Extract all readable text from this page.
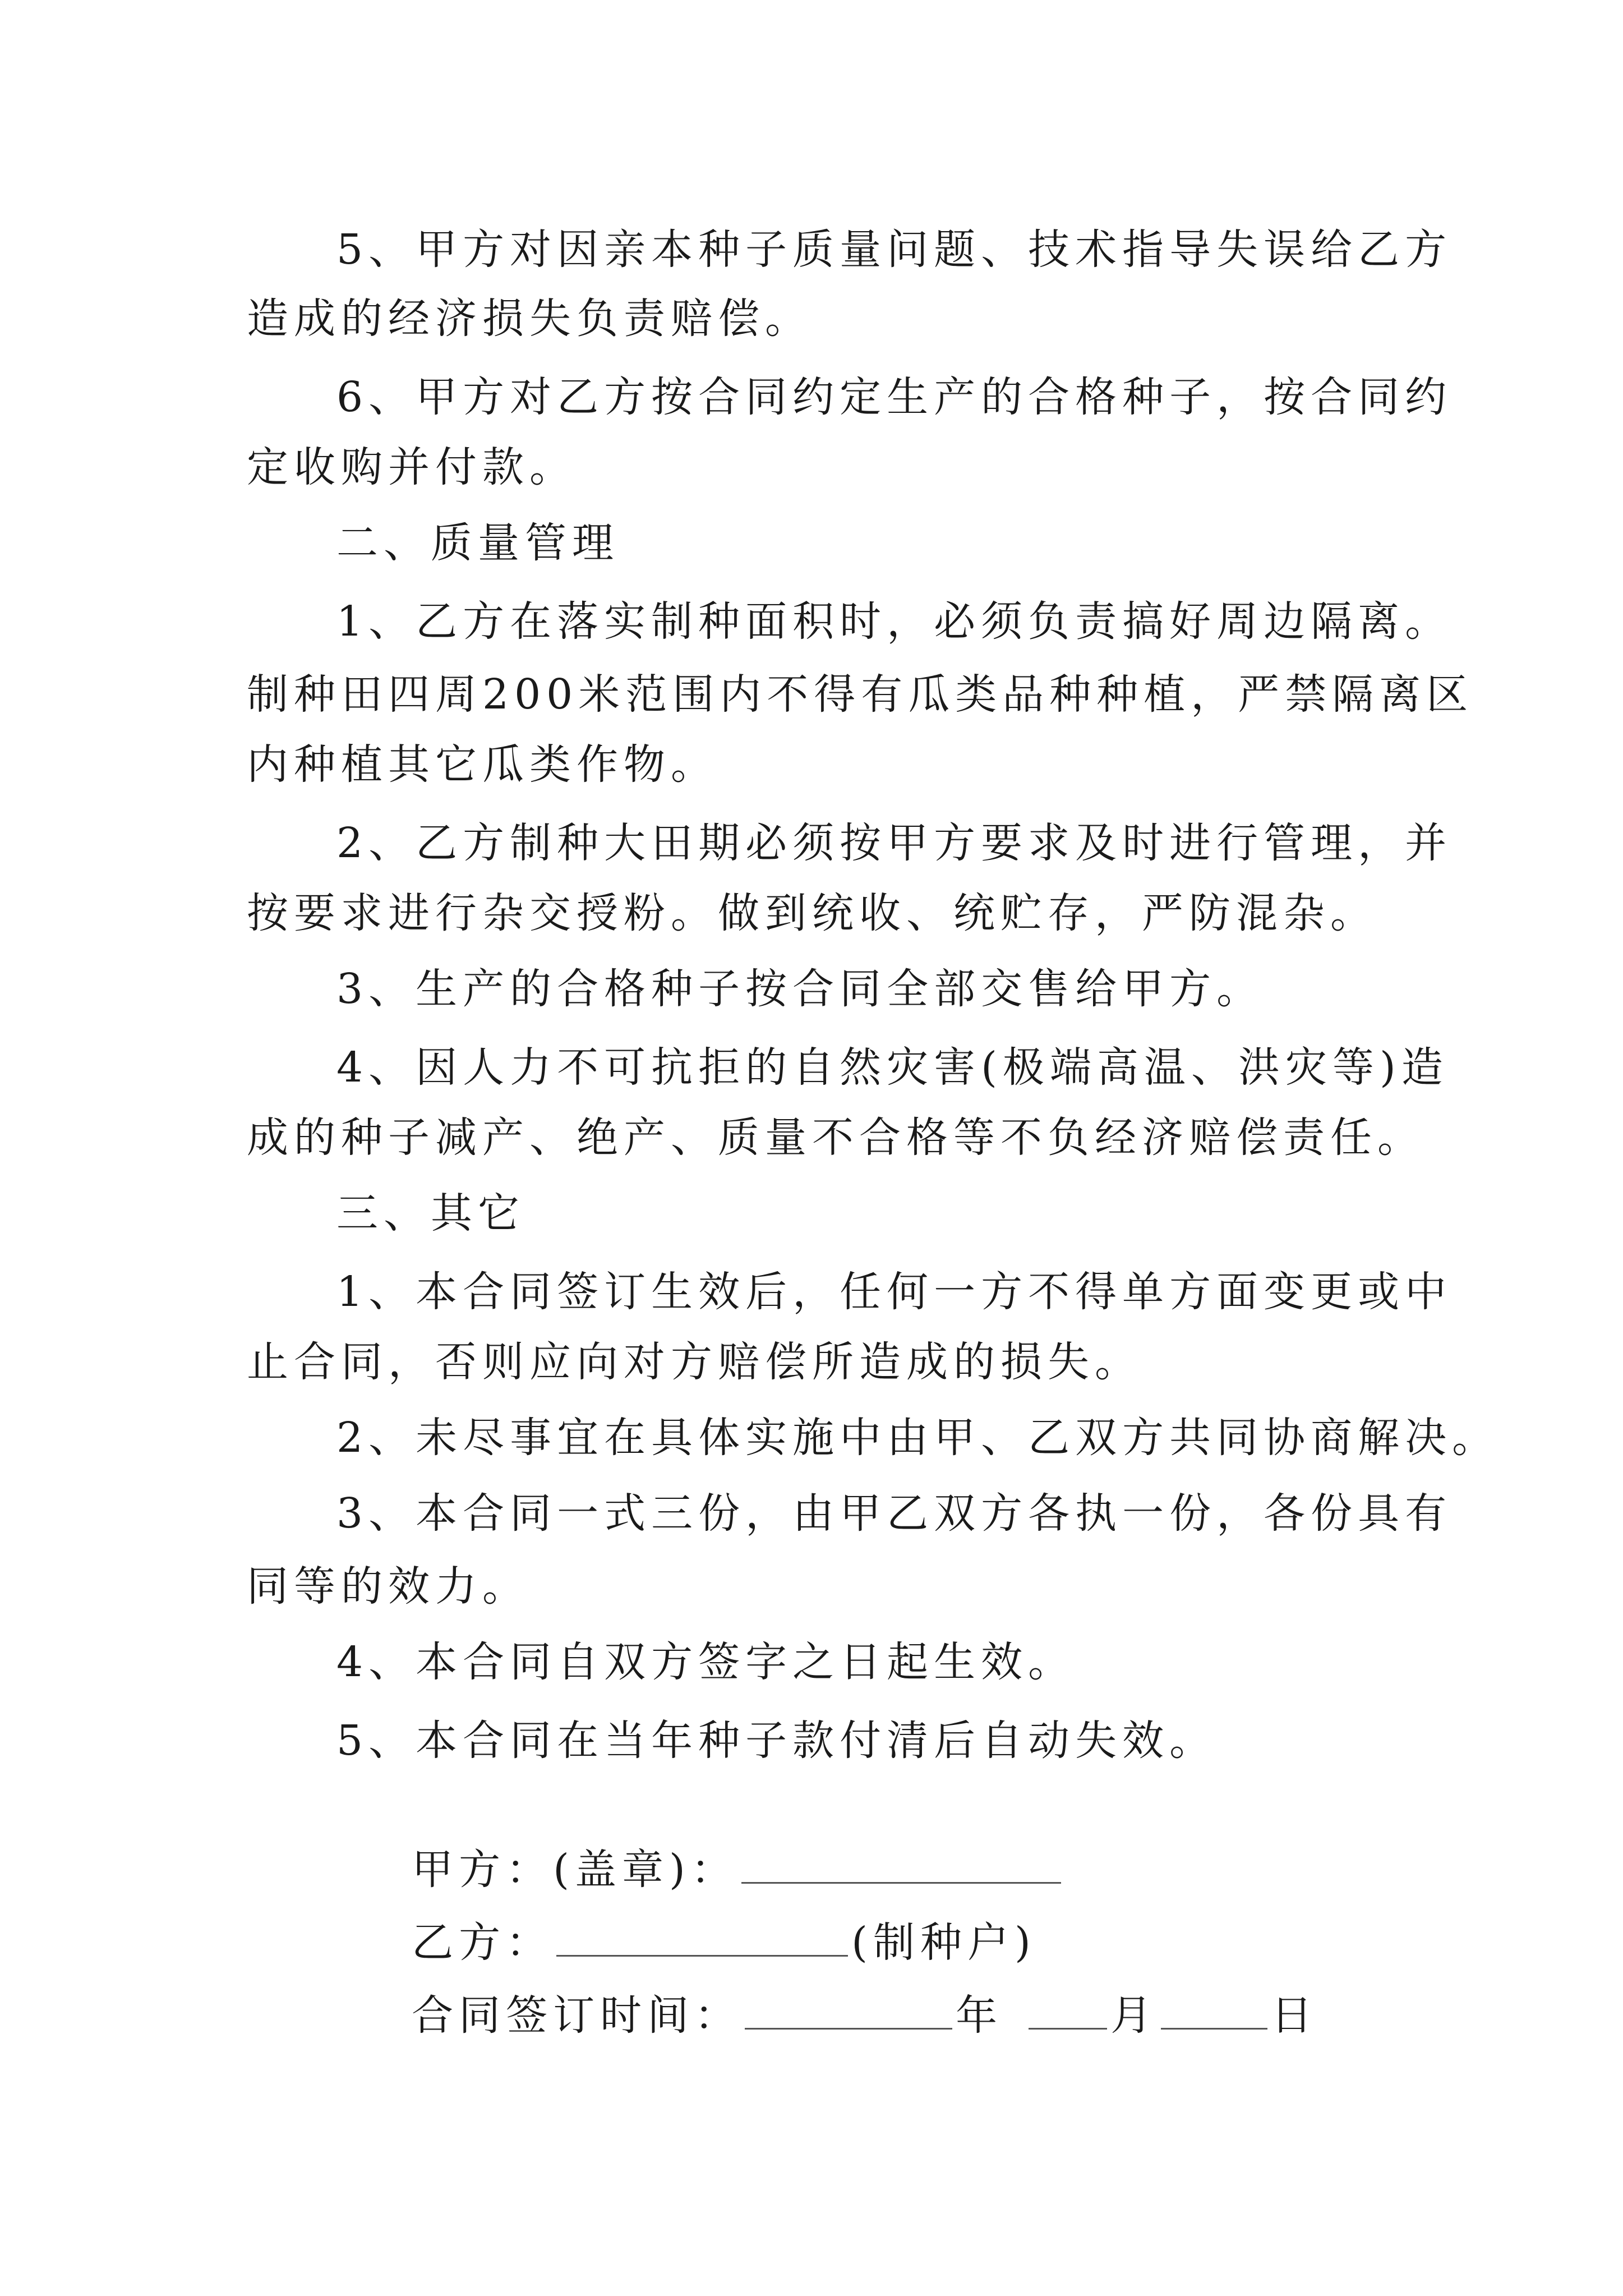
5、甲方对因亲本种子质量问题、技术指导失误给乙方
造成的经济损失负责赔偿。
6、甲方对乙方按合同约定生产的合格种子，按合同约
定收购并付款。
二、质量管理
1、乙方在落实制种面积时，必须负责搞好周边隔离。
制种田四周200米范围内不得有瓜类品种种植，严禁隔离区
内种植其它瓜类作物。
2、乙方制种大田期必须按甲方要求及时进行管理，并
按要求进行杂交授粉。做到统收、统贮存，严防混杂。
3、生产的合格种子按合同全部交售给甲方。
4、因人力不可抗拒的自然灾害(极端高温、洪灾等)造
成的种子减产、绝产、质量不合格等不负经济赔偿责任。
三、其它
1、本合同签订生效后，任何一方不得单方面变更或中
止合同，否则应向对方赔偿所造成的损失。
2、未尽事宜在具体实施中由甲、乙双方共同协商解决。
3、本合同一式三份，由甲乙双方各执一份，各份具有
同等的效力。
4、本合同自双方签字之日起生效。
5、本合同在当年种子款付清后自动失效。

甲方：(盖章)：

乙方：	(制种户)

合同签订时间：	年	月	日
